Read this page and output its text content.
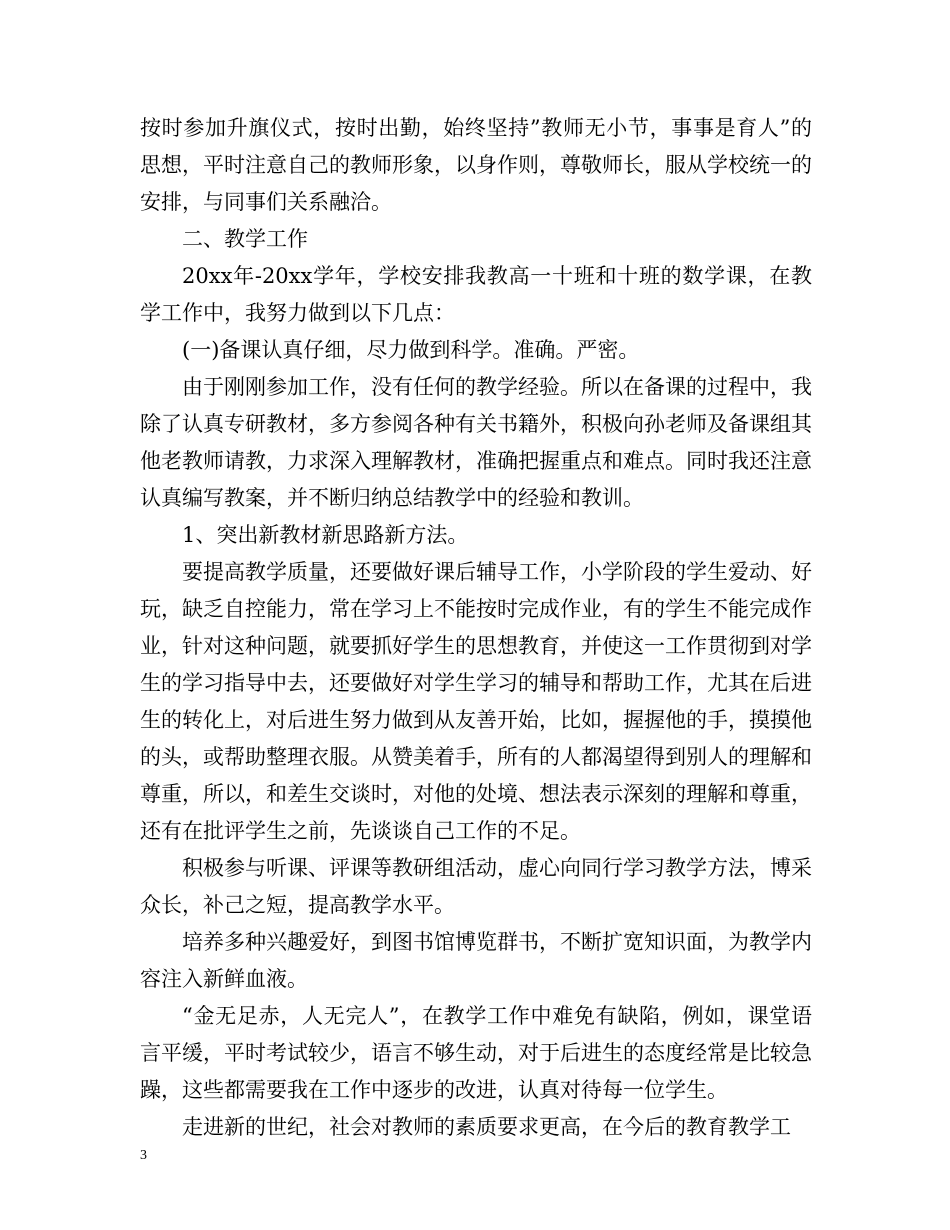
按时参加升旗仪式，按时出勤，始终坚持”教师无小节，事事是育人”的思想，平时注意自己的教师形象，以身作则，尊敬师长，服从学校统一的安排，与同事们关系融洽。

二、教学工作

20xx年-20xx学年，学校安排我教高一十班和十班的数学课，在教学工作中，我努力做到以下几点：

(一)备课认真仔细，尽力做到科学。准确。严密。

由于刚刚参加工作，没有任何的教学经验。所以在备课的过程中，我除了认真专研教材，多方参阅各种有关书籍外，积极向孙老师及备课组其他老教师请教，力求深入理解教材，准确把握重点和难点。同时我还注意认真编写教案，并不断归纳总结教学中的经验和教训。

1、突出新教材新思路新方法。

要提高教学质量，还要做好课后辅导工作，小学阶段的学生爱动、好玩，缺乏自控能力，常在学习上不能按时完成作业，有的学生不能完成作业，针对这种问题，就要抓好学生的思想教育，并使这一工作贯彻到对学生的学习指导中去，还要做好对学生学习的辅导和帮助工作，尤其在后进生的转化上，对后进生努力做到从友善开始，比如，握握他的手，摸摸他的头，或帮助整理衣服。从赞美着手，所有的人都渴望得到别人的理解和尊重，所以，和差生交谈时，对他的处境、想法表示深刻的理解和尊重，还有在批评学生之前，先谈谈自己工作的不足。

积极参与听课、评课等教研组活动，虚心向同行学习教学方法，博采众长，补己之短，提高教学水平。

培养多种兴趣爱好，到图书馆博览群书，不断扩宽知识面，为教学内容注入新鲜血液。

“金无足赤，人无完人”，在教学工作中难免有缺陷，例如，课堂语言平缓，平时考试较少，语言不够生动，对于后进生的态度经常是比较急躁，这些都需要我在工作中逐步的改进，认真对待每一位学生。

走进新的世纪，社会对教师的素质要求更高，在今后的教育教学工

3
